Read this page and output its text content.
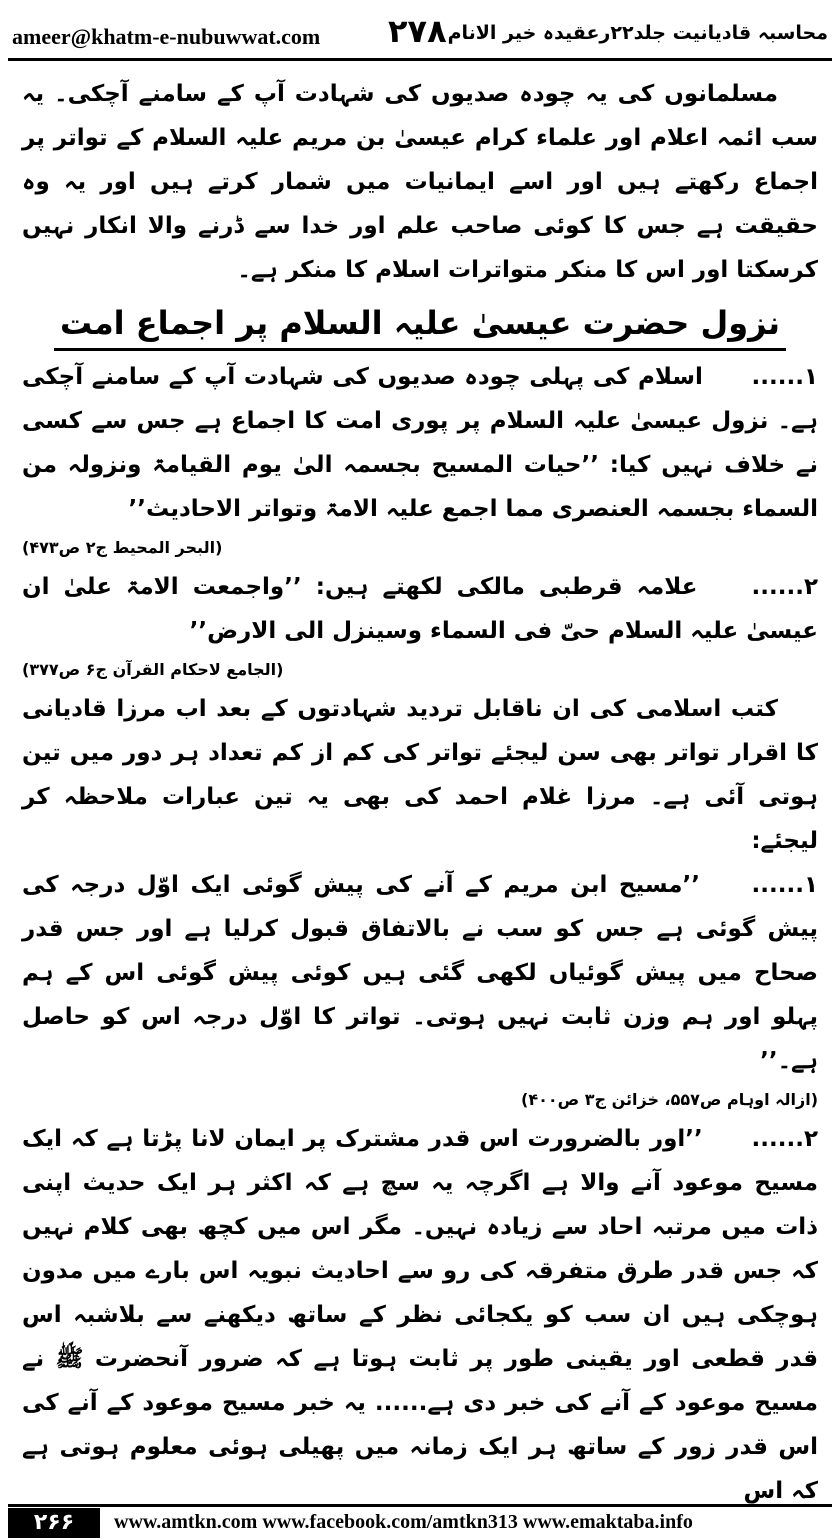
ameer@khatm-e-nubuwwat.com ۲۷۸ محاسبہ قادیانیت جلد۲۲رعقیدہ خیر الانام

مسلمانوں کی یہ چودہ صدیوں کی شہادت آپ کے سامنے آچکی۔ یہ سب ائمہ اعلام اور علماء کرام عیسیٰ بن مریم علیہ السلام کے تواتر پر اجماع رکھتے ہیں اور اسے ایمانیات میں شمار کرتے ہیں اور یہ وہ حقیقت ہے جس کا کوئی صاحب علم اور خدا سے ڈرنے والا انکار نہیں کرسکتا اور اس کا منکر متواترات اسلام کا منکر ہے۔

نزول حضرت عیسیٰ علیہ السلام پر اجماع امت

۱...... اسلام کی پہلی چودہ صدیوں کی شہادت آپ کے سامنے آچکی ہے۔ نزول عیسیٰ علیہ السلام پر پوری امت کا اجماع ہے جس سے کسی نے خلاف نہیں کیا: ’’حیات المسیح بجسمہ الیٰ یوم القیامۃ ونزولہ من السماء بجسمہ العنصری مما اجمع علیہ الامۃ وتواتر الاحادیث’’

(البحر المحیط ج۲ ص۴۷۳)

۲...... علامہ قرطبی مالکی لکھتے ہیں: ’’واجمعت الامۃ علیٰ ان عیسیٰ علیہ السلام حیّ فی السماء وسینزل الی الارض’’

(الجامع لاحکام القرآن ج۶ ص۳۷۷)

کتب اسلامی کی ان ناقابل تردید شہادتوں کے بعد اب مرزا قادیانی کا اقرار تواتر بھی سن لیجئے تواتر کی کم از کم تعداد ہر دور میں تین ہوتی آئی ہے۔ مرزا غلام احمد کی بھی یہ تین عبارات ملاحظہ کر لیجئے:

۱...... ’’مسیح ابن مریم کے آنے کی پیش گوئی ایک اوّل درجہ کی پیش گوئی ہے جس کو سب نے بالاتفاق قبول کرلیا ہے اور جس قدر صحاح میں پیش گوئیاں لکھی گئی ہیں کوئی پیش گوئی اس کے ہم پہلو اور ہم وزن ثابت نہیں ہوتی۔ تواتر کا اوّل درجہ اس کو حاصل ہے۔’’

(ازالہ اوہام ص۵۵۷، خزائن ج۳ ص۴۰۰)

۲...... ’’اور بالضرورت اس قدر مشترک پر ایمان لانا پڑتا ہے کہ ایک مسیح موعود آنے والا ہے اگرچہ یہ سچ ہے کہ اکثر ہر ایک حدیث اپنی ذات میں مرتبہ احاد سے زیادہ نہیں۔ مگر اس میں کچھ بھی کلام نہیں کہ جس قدر طرق متفرقہ کی رو سے احادیث نبویہ اس بارے میں مدون ہوچکی ہیں ان سب کو یکجائی نظر کے ساتھ دیکھنے سے بلاشبہ اس قدر قطعی اور یقینی طور پر ثابت ہوتا ہے کہ ضرور آنحضرت ﷺ نے مسیح موعود کے آنے کی خبر دی ہے...... یہ خبر مسیح موعود کے آنے کی اس قدر زور کے ساتھ ہر ایک زمانہ میں پھیلی ہوئی معلوم ہوتی ہے کہ اس

۲۶۶	www.amtkn.com www.facebook.com/amtkn313 www.emaktaba.info
